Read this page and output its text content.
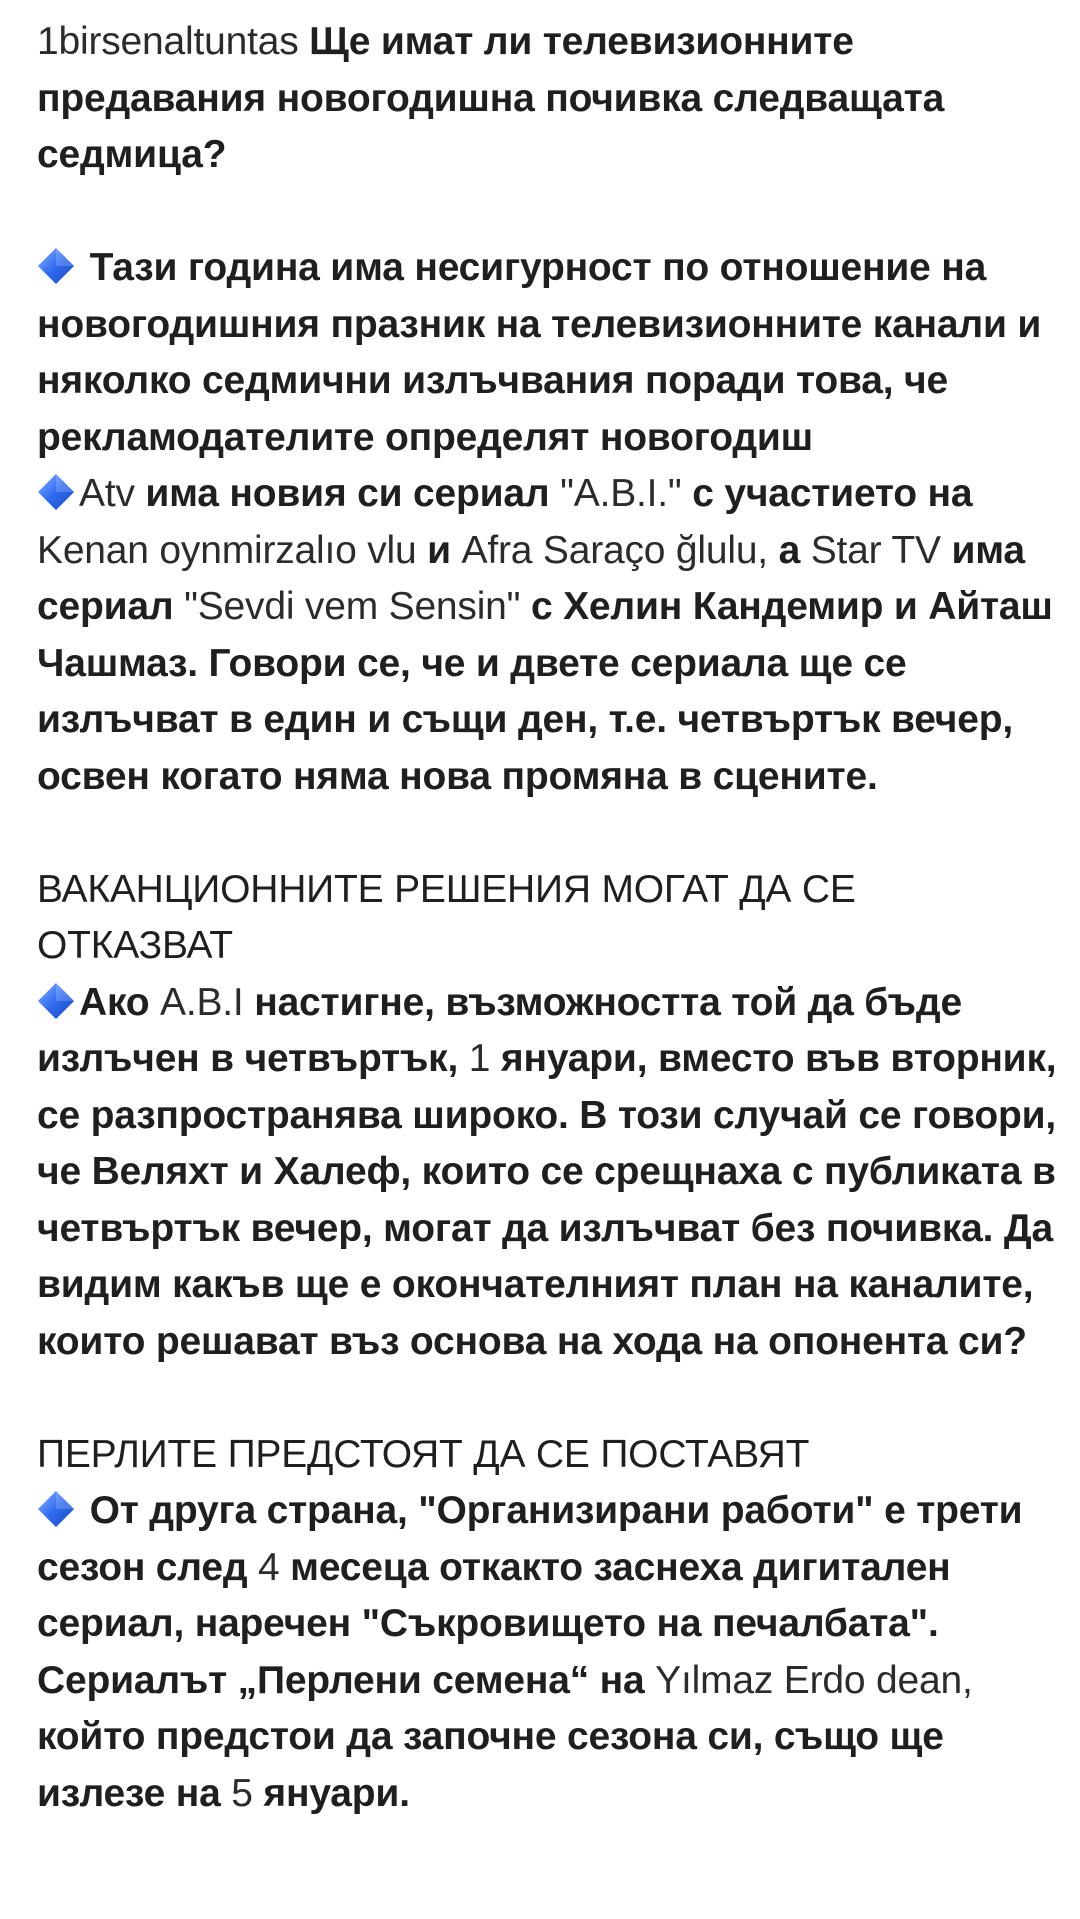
1birsenaltuntas Ще имат ли телевизионните предавания новогодишна почивка следващата седмица?

Тази година има несигурност по отношение на новогодишния празник на телевизионните канали и няколко седмични излъчвания поради това, че рекламодателите определят новогодиш

Atv има новия си сериал "A.B.I." с участието на Kenan oynmirzalıo vlu и Afra Saraço ğlulu, а Star TV има сериал "Sevdi vem Sensin" с Хелин Кандемир и Айташ Чашмаз. Говори се, че и двете сериала ще се излъчват в един и същи ден, т.е. четвъртък вечер, освен когато няма нова промяна в сцените.

ВАКАНЦИОННИТЕ РЕШЕНИЯ МОГАТ ДА СЕ ОТКАЗВАТ

Ако A.B.I настигне, възможността той да бъде излъчен в четвъртък, 1 януари, вместо във вторник, се разпространява широко. В този случай се говори, че Веляхт и Халеф, които се срещнаха с публиката в четвъртък вечер, могат да излъчват без почивка. Да видим какъв ще е окончателният план на каналите, които решават въз основа на хода на опонента си?

ПЕРЛИТЕ ПРЕДСТОЯТ ДА СЕ ПОСТАВЯТ

От друга страна, "Организирани работи" е трети сезон след 4 месеца откакто заснеха дигитален сериал, наречен "Съкровището на печалбата". Сериалът „Перлени семена“ на Yılmaz Erdo dean, който предстои да започне сезона си, също ще излезе на 5 януари.
